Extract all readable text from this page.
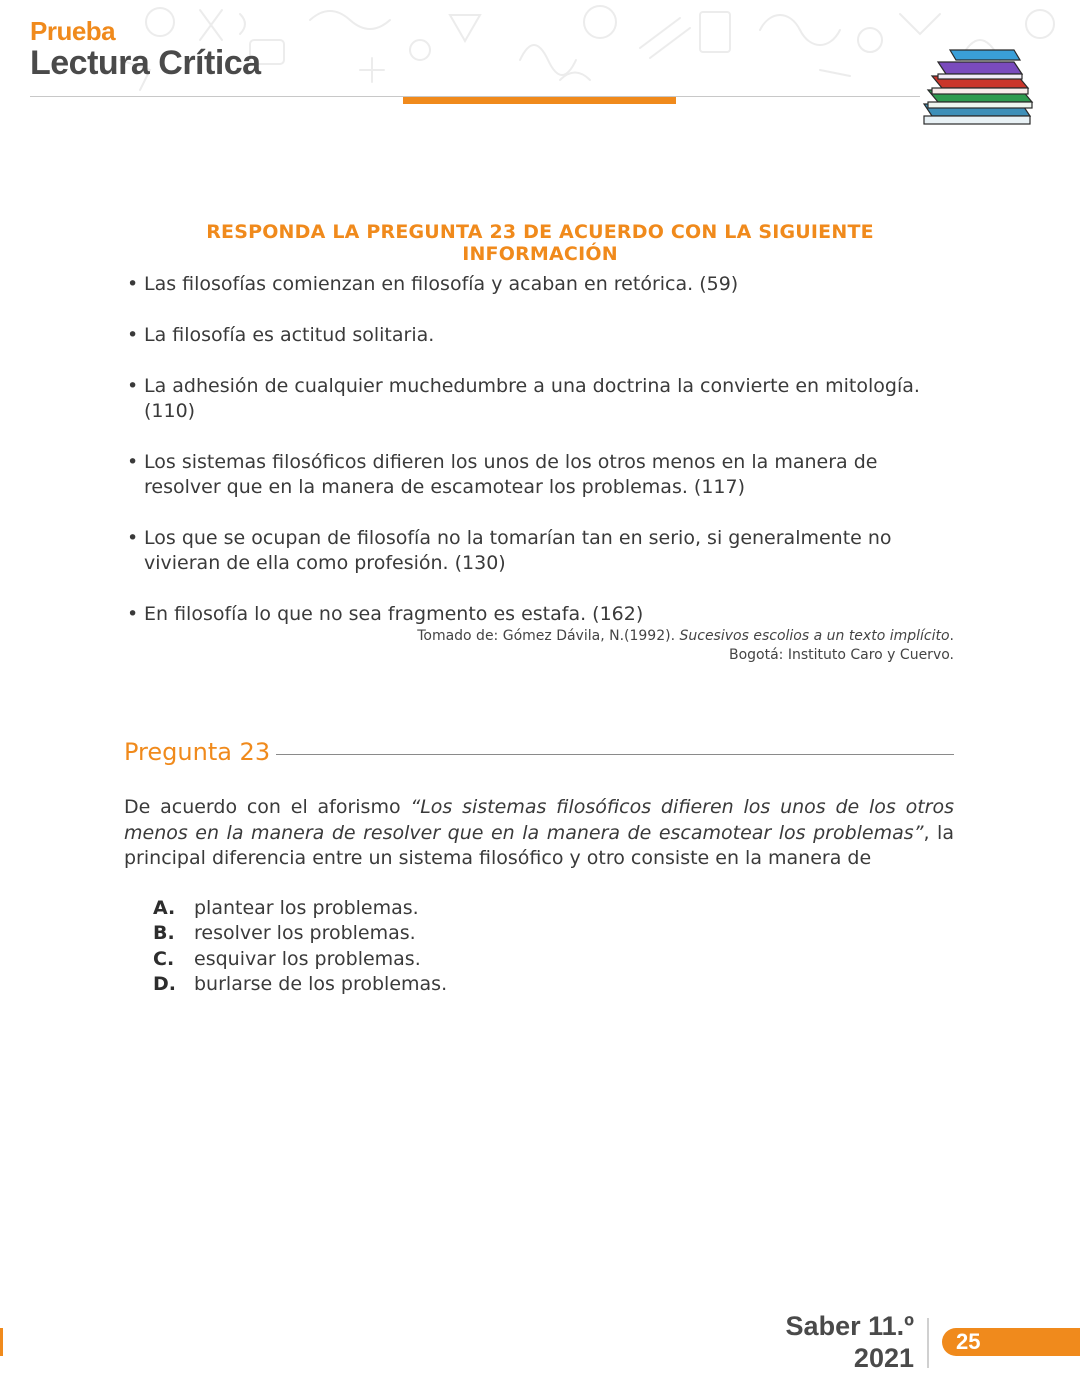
Prueba
Lectura Crítica
RESPONDA LA PREGUNTA 23 DE ACUERDO CON LA SIGUIENTE INFORMACIÓN
• Las filosofías comienzan en filosofía y acaban en retórica. (59)
• La filosofía es actitud solitaria.
• La adhesión de cualquier muchedumbre a una doctrina la convierte en mitología. (110)
• Los sistemas filosóficos difieren los unos de los otros menos en la manera de resolver que en la manera de escamotear los problemas. (117)
• Los que se ocupan de filosofía no la tomarían tan en serio, si generalmente no vivieran de ella como profesión. (130)
• En filosofía lo que no sea fragmento es estafa. (162)
Tomado de: Gómez Dávila, N.(1992). Sucesivos escolios a un texto implícito.
Bogotá: Instituto Caro y Cuervo.
Pregunta 23
De acuerdo con el aforismo “Los sistemas filosóficos difieren los unos de los otros menos en la manera de resolver que en la manera de escamotear los problemas”, la principal diferencia entre un sistema filosófico y otro consiste en la manera de
A. plantear los problemas.
B.	resolver los problemas.
C.	esquivar los problemas.
D. burlarse de los problemas.
Saber 11.º
2021
25
